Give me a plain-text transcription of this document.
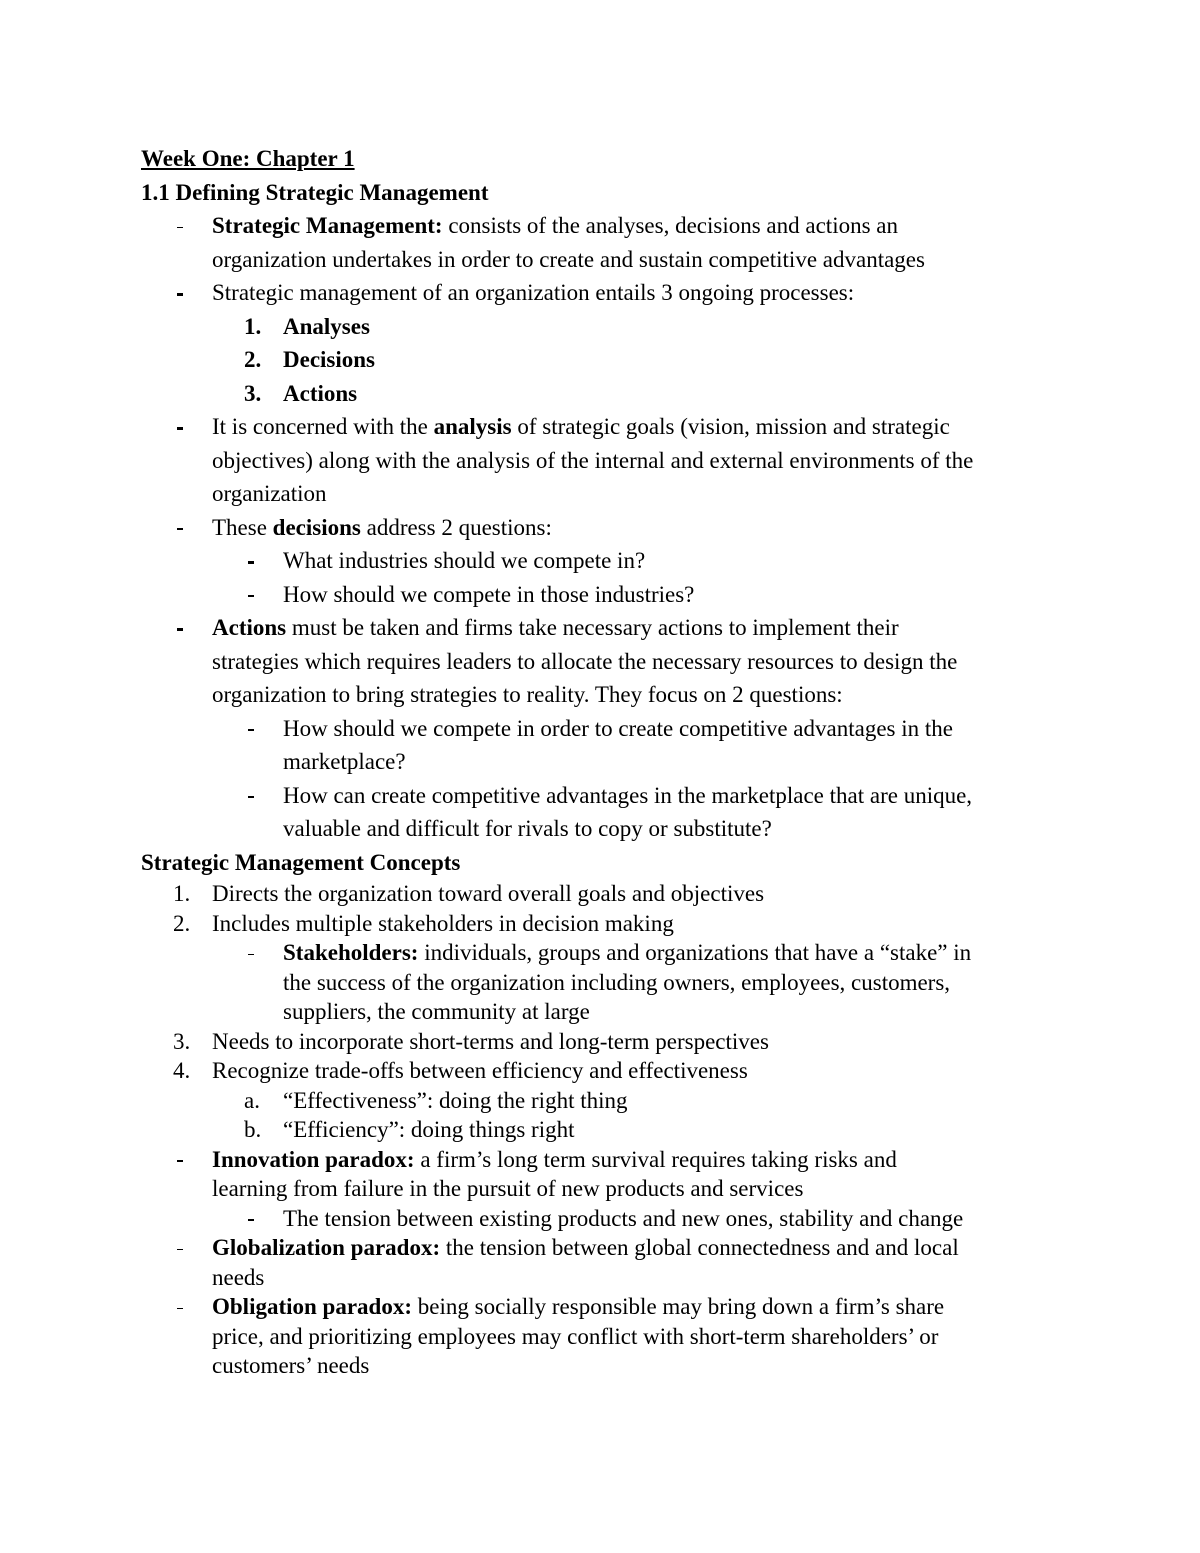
Week One: Chapter 1
1.1 Defining Strategic Management
Strategic Management: consists of the analyses, decisions and actions an
organization undertakes in order to create and sustain competitive advantages
Strategic management of an organization entails 3 ongoing processes:
1. Analyses
2. Decisions
3. Actions
It is concerned with the analysis of strategic goals (vision, mission and strategic
objectives) along with the analysis of the internal and external environments of the
organization
These decisions address 2 questions:
What industries should we compete in?
How should we compete in those industries?
Actions must be taken and firms take necessary actions to implement their
strategies which requires leaders to allocate the necessary resources to design the
organization to bring strategies to reality. They focus on 2 questions:
How should we compete in order to create competitive advantages in the
marketplace?
How can create competitive advantages in the marketplace that are unique,
valuable and difficult for rivals to copy or substitute?
Strategic Management Concepts
1. Directs the organization toward overall goals and objectives
2. Includes multiple stakeholders in decision making
Stakeholders: individuals, groups and organizations that have a “stake” in
the success of the organization including owners, employees, customers,
suppliers, the community at large
3. Needs to incorporate short-terms and long-term perspectives
4. Recognize trade-offs between efficiency and effectiveness
a.	“Effectiveness”: doing the right thing
b. “Efficiency”: doing things right
Innovation paradox: a firm’s long term survival requires taking risks and
learning from failure in the pursuit of new products and services
The tension between existing products and new ones, stability and change
Globalization paradox: the tension between global connectedness and and local
needs
Obligation paradox: being socially responsible may bring down a firm’s share
price, and prioritizing employees may conflict with short-term shareholders’ or
customers’ needs
